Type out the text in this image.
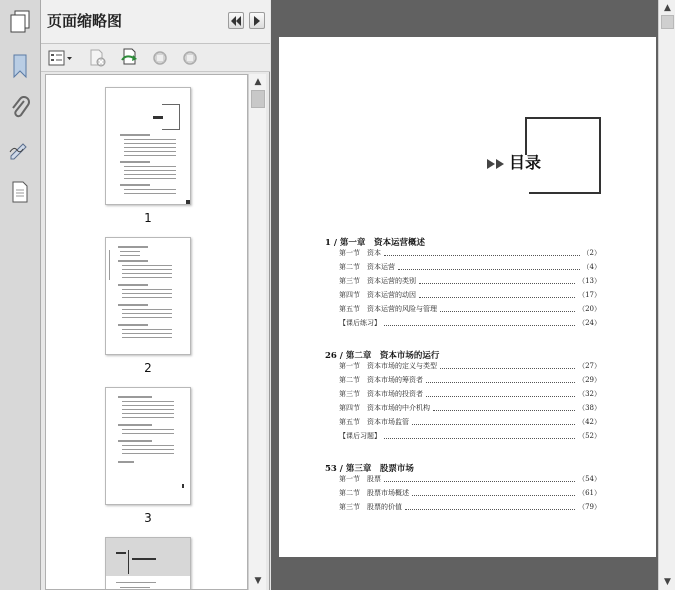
页面缩略图
1
2
3
▲
▼
目录
1 / 第一章　资本运营概述
第一节　资本	（2）
第二节　资本运营	（4）
第三节　资本运营的类别	（13）
第四节　资本运营的动因	（17）
第五节　资本运营的风险与管理	（20）
【课后练习】	（24）
26 / 第二章　资本市场的运行
第一节　资本市场的定义与类型	（27）
第二节　资本市场的筹资者	（29）
第三节　资本市场的投资者	（32）
第四节　资本市场的中介机构	（38）
第五节　资本市场监管	（42）
【课后习题】	（52）
53 / 第三章　股票市场
第一节　股票	（54）
第二节　股票市场概述	（61）
第三节　股票的价值	（79）
▲
▼
